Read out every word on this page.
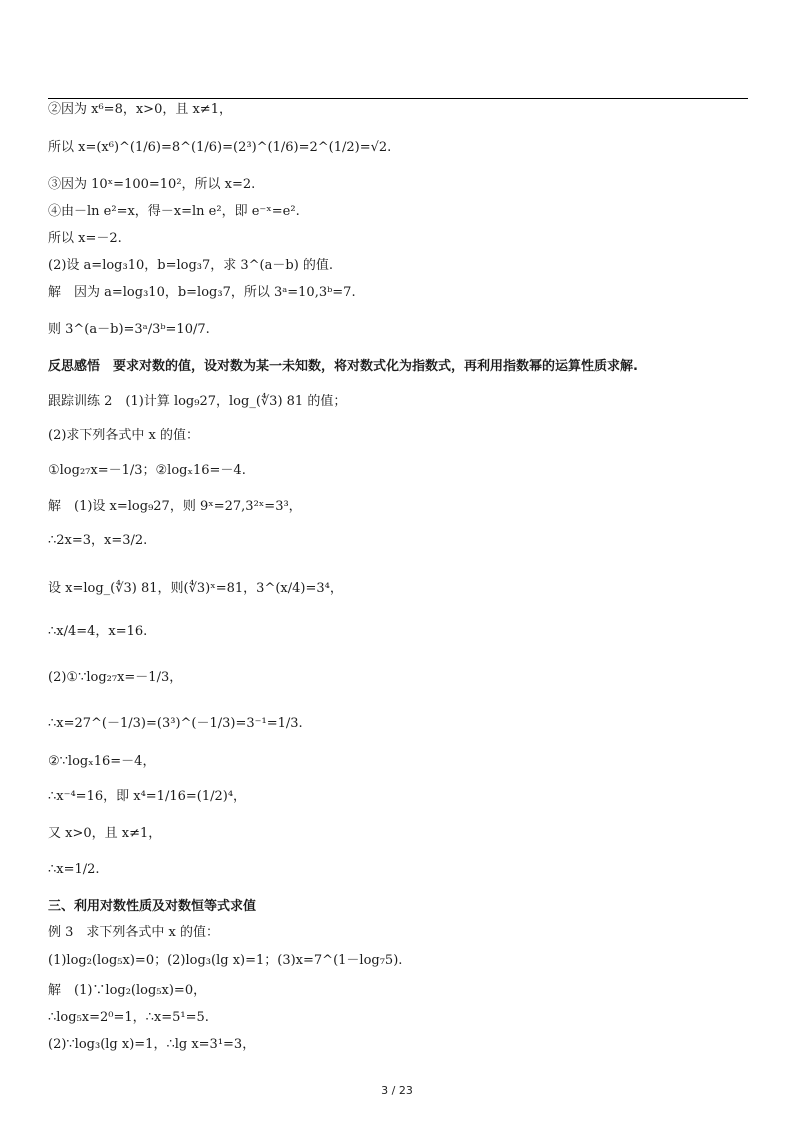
②因为 x⁶=8，x>0，且 x≠1，
所以 x=(x⁶)^(1/6)=8^(1/6)=(2³)^(1/6)=2^(1/2)=√2.
③因为 10ˣ=100=10²，所以 x=2.
④由－ln e²=x，得－x=ln e²，即 e⁻ˣ=e².
所以 x=－2.
(2)设 a=log₃10，b=log₃7，求 3^(a－b) 的值.
解　因为 a=log₃10，b=log₃7，所以 3ᵃ=10,3ᵇ=7.
则 3^(a－b)=3ᵃ/3ᵇ=10/7.
反思感悟　要求对数的值，设对数为某一未知数，将对数式化为指数式，再利用指数幂的运算性质求解.
跟踪训练 2　(1)计算 log₉27，log_(∜3) 81 的值；
(2)求下列各式中 x 的值：
①log₂₇x=－1/3；②logₓ16=－4.
解　(1)设 x=log₉27，则 9ˣ=27,3²ˣ=3³，
∴2x=3，x=3/2.
设 x=log_(∜3) 81，则(∜3)ˣ=81，3^(x/4)=3⁴，
∴x/4=4，x=16.
(2)①∵log₂₇x=－1/3，
∴x=27^(－1/3)=(3³)^(－1/3)=3⁻¹=1/3.
②∵logₓ16=－4，
∴x⁻⁴=16，即 x⁴=1/16=(1/2)⁴，
又 x>0，且 x≠1，
∴x=1/2.
三、利用对数性质及对数恒等式求值
例 3　求下列各式中 x 的值：
(1)log₂(log₅x)=0；(2)log₃(lg x)=1；(3)x=7^(1－log₇5).
解　(1)∵log₂(log₅x)=0，
∴log₅x=2⁰=1，∴x=5¹=5.
(2)∵log₃(lg x)=1，∴lg x=3¹=3，
3 / 23
